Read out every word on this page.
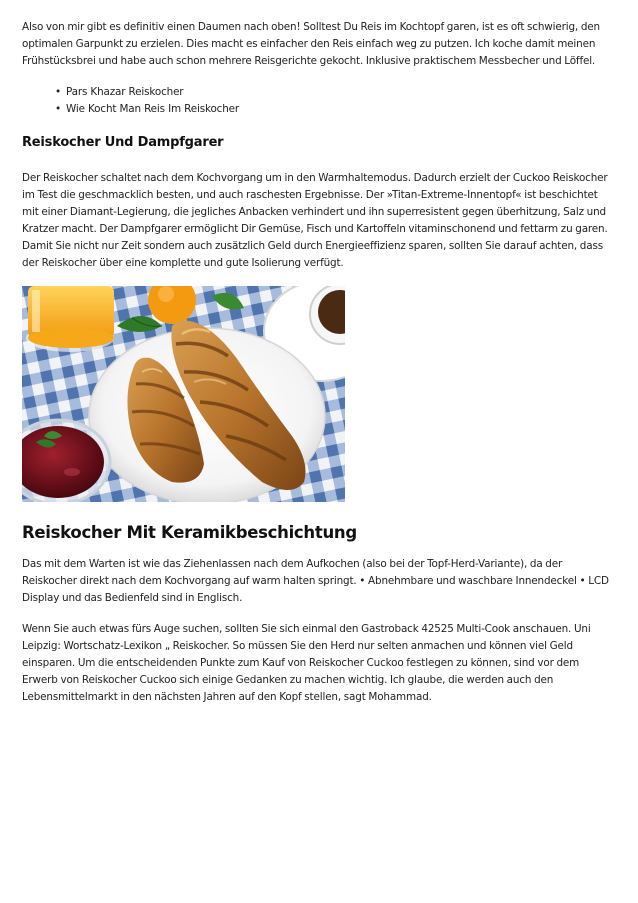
Also von mir gibt es definitiv einen Daumen nach oben! Solltest Du Reis im Kochtopf garen, ist es oft schwierig, den optimalen Garpunkt zu erzielen. Dies macht es einfacher den Reis einfach weg zu putzen. Ich koche damit meinen Frühstücksbrei und habe auch schon mehrere Reisgerichte gekocht. Inklusive praktischem Messbecher und Löffel.

• Pars Khazar Reiskocher
• Wie Kocht Man Reis Im Reiskocher
Reiskocher Und Dampfgarer

Der Reiskocher schaltet nach dem Kochvorgang um in den Warmhaltemodus. Dadurch erzielt der Cuckoo Reiskocher im Test die geschmacklich besten, und auch raschesten Ergebnisse. Der »Titan-Extreme-Innentopf« ist beschichtet mit einer Diamant-Legierung, die jegliches Anbacken verhindert und ihn superresistent gegen überhitzung, Salz und Kratzer macht. Der Dampfgarer ermöglicht Dir Gemüse, Fisch und Kartoffeln vitaminschonend und fettarm zu garen. Damit Sie nicht nur Zeit sondern auch zusätzlich Geld durch Energieeffizienz sparen, sollten Sie darauf achten, dass der Reiskocher über eine komplette und gute Isolierung verfügt.

Reiskocher Mit Keramikbeschichtung

Das mit dem Warten ist wie das Ziehenlassen nach dem Aufkochen (also bei der Topf-Herd-Variante), da der Reiskocher direkt nach dem Kochvorgang auf warm halten springt. • Abnehmbare und waschbare Innendeckel • LCD Display und das Bedienfeld sind in Englisch.

Wenn Sie auch etwas fürs Auge suchen, sollten Sie sich einmal den Gastroback 42525 Multi-Cook anschauen. Uni Leipzig: Wortschatz-Lexikon „ Reiskocher. So müssen Sie den Herd nur selten anmachen und können viel Geld einsparen. Um die entscheidenden Punkte zum Kauf von Reiskocher Cuckoo festlegen zu können, sind vor dem Erwerb von Reiskocher Cuckoo sich einige Gedanken zu machen wichtig. Ich glaube, die werden auch den Lebensmittelmarkt in den nächsten Jahren auf den Kopf stellen, sagt Mohammad.
